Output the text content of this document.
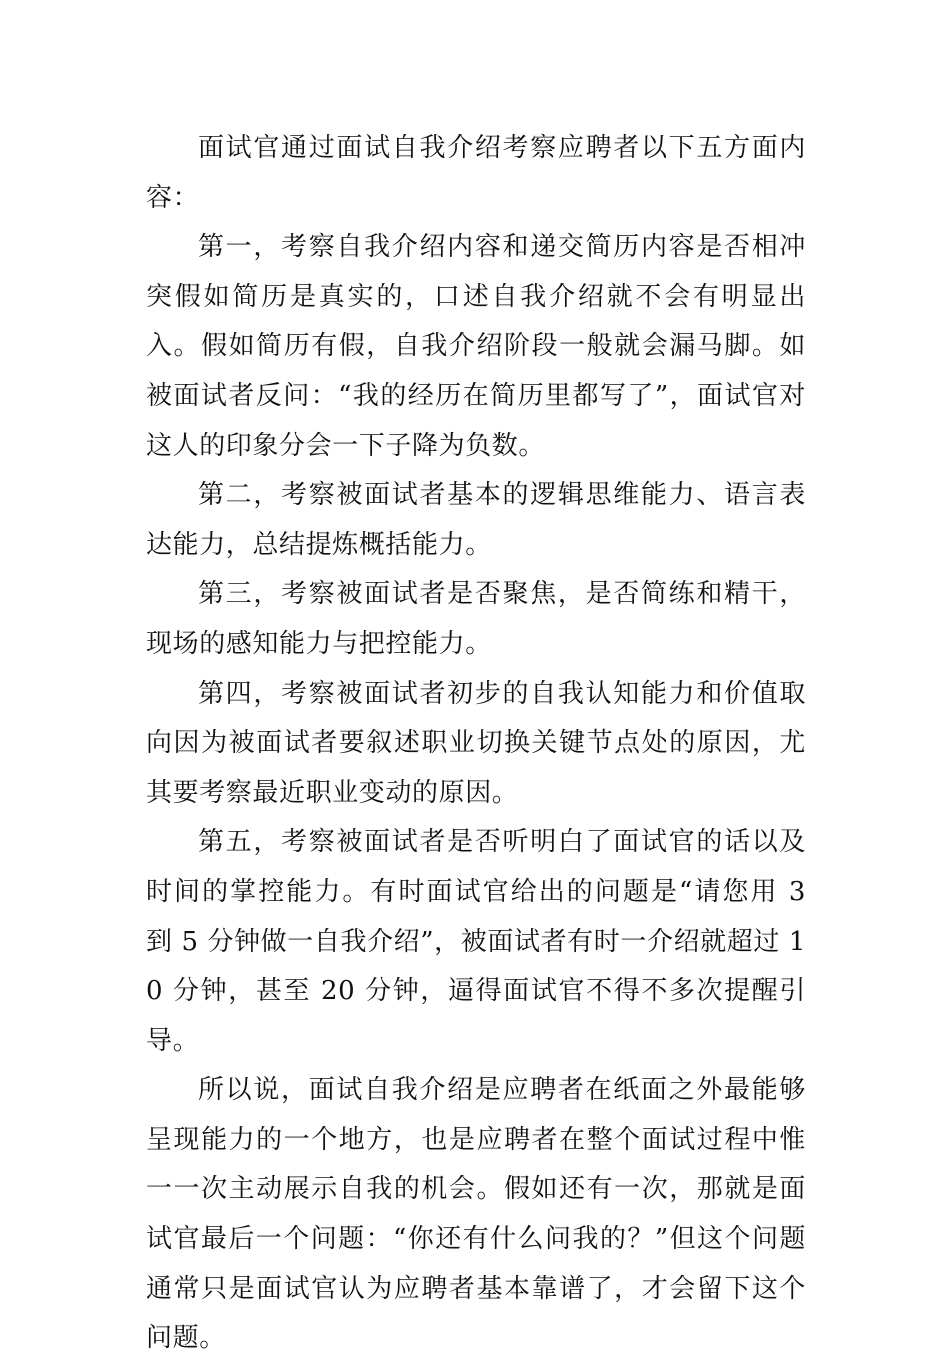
面试官通过面试自我介绍考察应聘者以下五方面内容：

第一，考察自我介绍内容和递交简历内容是否相冲突假如简历是真实的，口述自我介绍就不会有明显出入。假如简历有假，自我介绍阶段一般就会漏马脚。如被面试者反问：“我的经历在简历里都写了”，面试官对这人的印象分会一下子降为负数。

第二，考察被面试者基本的逻辑思维能力、语言表达能力，总结提炼概括能力。

第三，考察被面试者是否聚焦，是否简练和精干，现场的感知能力与把控能力。

第四，考察被面试者初步的自我认知能力和价值取向因为被面试者要叙述职业切换关键节点处的原因，尤其要考察最近职业变动的原因。

第五，考察被面试者是否听明白了面试官的话以及时间的掌控能力。有时面试官给出的问题是“请您用 3 到 5 分钟做一自我介绍”，被面试者有时一介绍就超过 10 分钟，甚至 20 分钟，逼得面试官不得不多次提醒引导。

所以说，面试自我介绍是应聘者在纸面之外最能够呈现能力的一个地方，也是应聘者在整个面试过程中惟一一次主动展示自我的机会。假如还有一次，那就是面试官最后一个问题：“你还有什么问我的？”但这个问题通常只是面试官认为应聘者基本靠谱了，才会留下这个问题。
